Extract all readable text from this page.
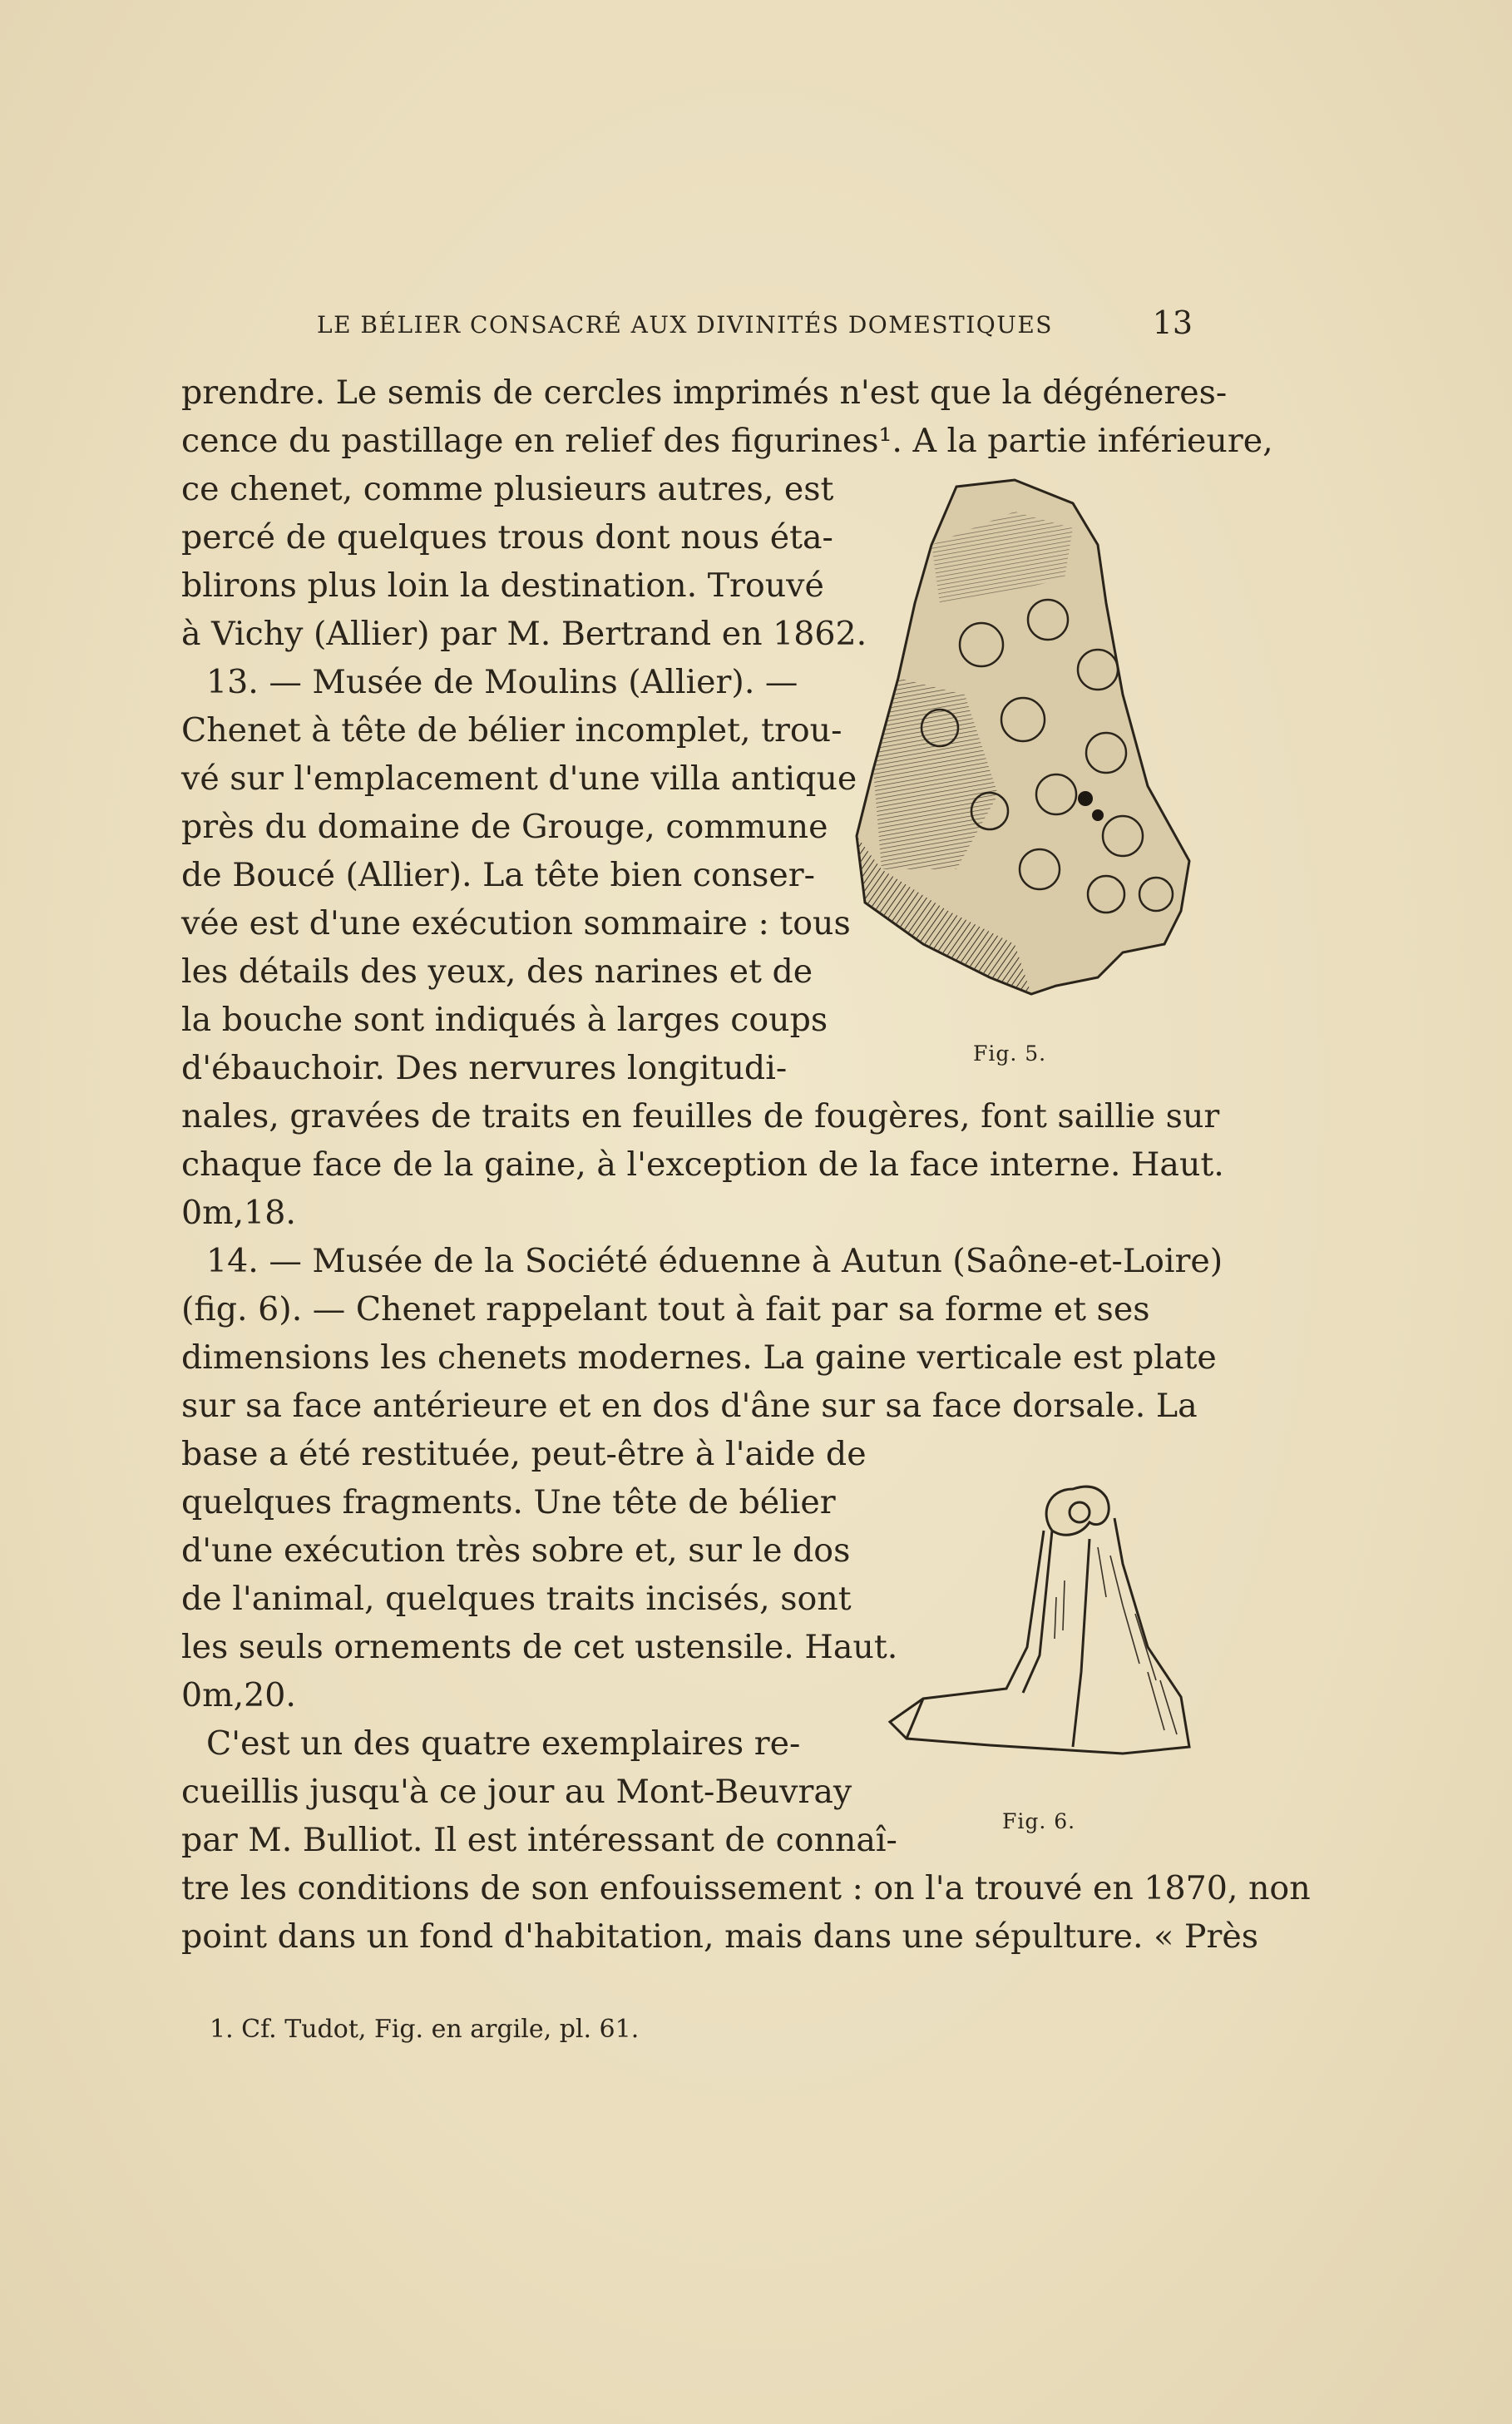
LE BÉLIER CONSACRÉ AUX DIVINITÉS DOMESTIQUES	13
prendre. Le semis de cercles imprimés n'est que la dégéneres-
cence du pastillage en relief des figurines¹. A la partie inférieure,
ce chenet, comme plusieurs autres, est
percé de quelques trous dont nous éta-
blirons plus loin la destination. Trouvé
à Vichy (Allier) par M. Bertrand en 1862.
13. — Musée de Moulins (Allier). —
Chenet à tête de bélier incomplet, trou-
vé sur l'emplacement d'une villa antique
près du domaine de Grouge, commune
de Boucé (Allier). La tête bien conser-
vée est d'une exécution sommaire : tous
les détails des yeux, des narines et de
la bouche sont indiqués à larges coups
d'ébauchoir. Des nervures longitudi-
nales, gravées de traits en feuilles de fougères, font saillie sur
chaque face de la gaine, à l'exception de la face interne. Haut.
0m,18.
14. — Musée de la Société éduenne à Autun (Saône-et-Loire)
(fig. 6). — Chenet rappelant tout à fait par sa forme et ses
dimensions les chenets modernes. La gaine verticale est plate
sur sa face antérieure et en dos d'âne sur sa face dorsale. La
base a été restituée, peut-être à l'aide de
quelques fragments. Une tête de bélier
d'une exécution très sobre et, sur le dos
de l'animal, quelques traits incisés, sont
les seuls ornements de cet ustensile. Haut.
0m,20.
C'est un des quatre exemplaires re-
cueillis jusqu'à ce jour au Mont-Beuvray
par M. Bulliot. Il est intéressant de connaî-
tre les conditions de son enfouissement : on l'a trouvé en 1870, non
point dans un fond d'habitation, mais dans une sépulture. « Près
Fig. 5.
Fig. 6.
1. Cf. Tudot, Fig. en argile, pl. 61.
